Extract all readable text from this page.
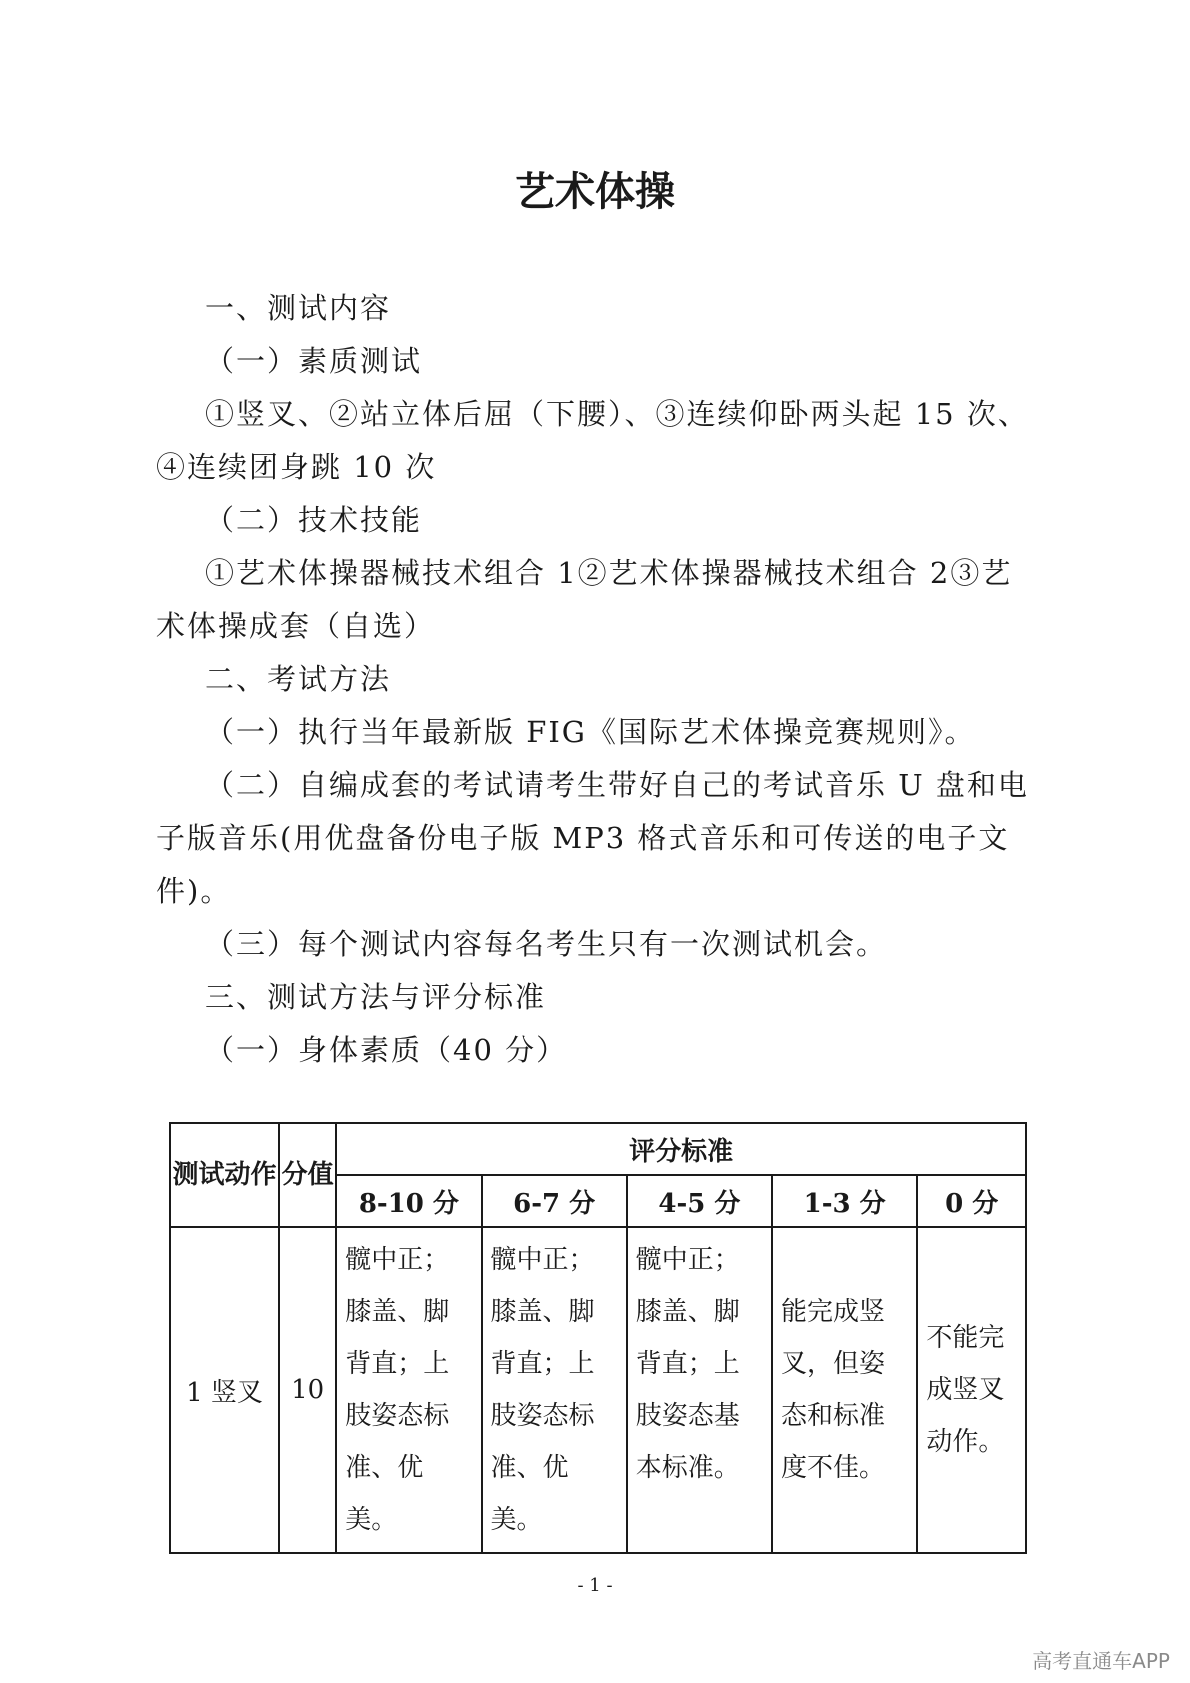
艺术体操
一、测试内容
（一）素质测试
①竖叉、②站立体后屈（下腰）、③连续仰卧两头起 15 次、
④连续团身跳 10 次
（二）技术技能
①艺术体操器械技术组合 1②艺术体操器械技术组合 2③艺
术体操成套（自选）
二、考试方法
（一）执行当年最新版 FIG《国际艺术体操竞赛规则》。
（二）自编成套的考试请考生带好自己的考试音乐 U 盘和电
子版音乐(用优盘备份电子版 MP3 格式音乐和可传送的电子文
件)。
（三）每个测试内容每名考生只有一次测试机会。
三、测试方法与评分标准
（一）身体素质（40 分）
测试动作	分值	评分标准				
		8-10 分	6-7 分	4-5 分	1-3 分	0 分
1 竖叉	10	髋中正；膝盖、脚背直；上肢姿态标准、优美。	髋中正；膝盖、脚背直；上肢姿态标准、优美。	髋中正；膝盖、脚背直；上肢姿态基本标准。	能完成竖叉，但姿态和标准度不佳。	不能完成竖叉动作。
- 1 -
高考直通车APP
